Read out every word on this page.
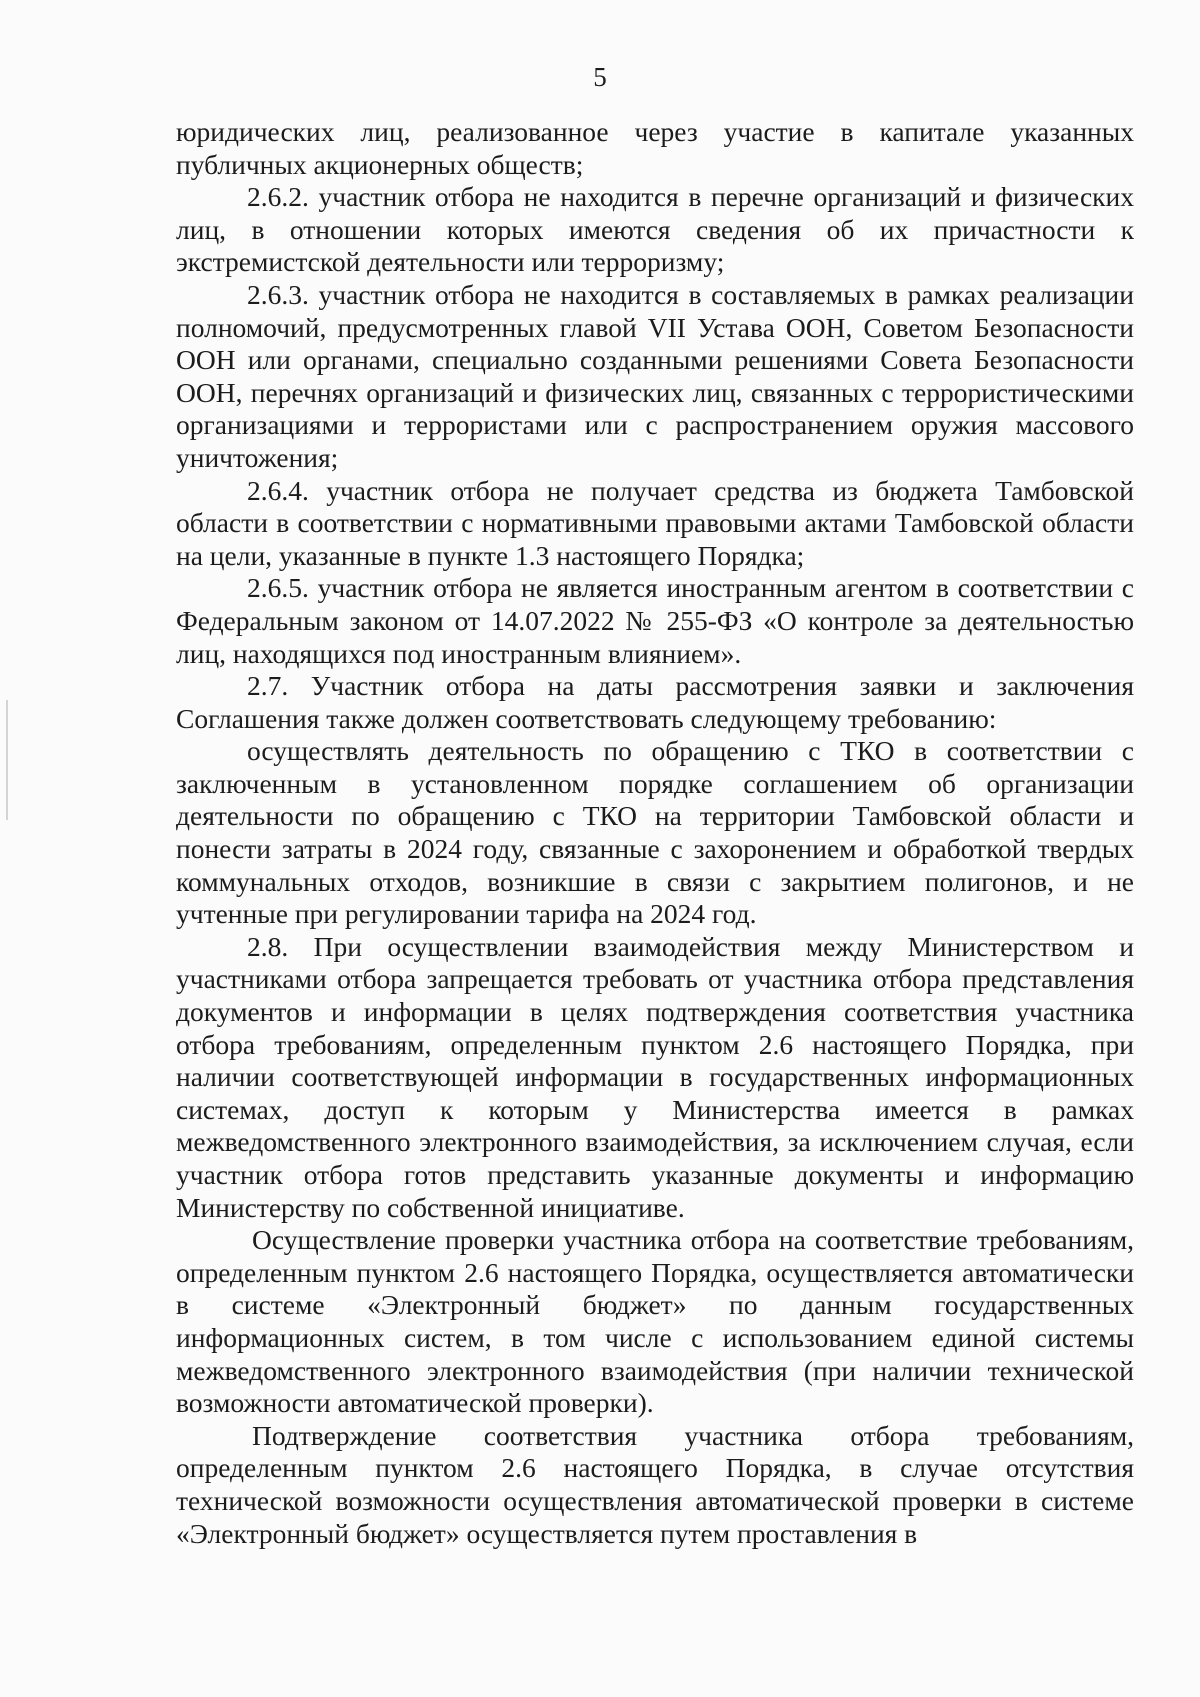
5

юридических лиц, реализованное через участие в капитале указанных публичных акционерных обществ;

2.6.2. участник отбора не находится в перечне организаций и физических лиц, в отношении которых имеются сведения об их причастности к экстремистской деятельности или терроризму;

2.6.3. участник отбора не находится в составляемых в рамках реализации полномочий, предусмотренных главой VII Устава ООН, Советом Безопасности ООН или органами, специально созданными решениями Совета Безопасности ООН, перечнях организаций и физических лиц, связанных с террористическими организациями и террористами или с распространением оружия массового уничтожения;

2.6.4. участник отбора не получает средства из бюджета Тамбовской области в соответствии с нормативными правовыми актами Тамбовской области на цели, указанные в пункте 1.3 настоящего Порядка;

2.6.5. участник отбора не является иностранным агентом в соответствии с Федеральным законом от 14.07.2022 № 255-ФЗ «О контроле за деятельностью лиц, находящихся под иностранным влиянием».

2.7. Участник отбора на даты рассмотрения заявки и заключения Соглашения также должен соответствовать следующему требованию:

осуществлять деятельность по обращению с ТКО в соответствии с заключенным в установленном порядке соглашением об организации деятельности по обращению с ТКО на территории Тамбовской области и понести затраты в 2024 году, связанные с захоронением и обработкой твердых коммунальных отходов, возникшие в связи с закрытием полигонов, и не учтенные при регулировании тарифа на 2024 год.

2.8. При осуществлении взаимодействия между Министерством и участниками отбора запрещается требовать от участника отбора представления документов и информации в целях подтверждения соответствия участника отбора требованиям, определенным пунктом 2.6 настоящего Порядка, при наличии соответствующей информации в государственных информационных системах, доступ к которым у Министерства имеется в рамках межведомственного электронного взаимодействия, за исключением случая, если участник отбора готов представить указанные документы и информацию Министерству по собственной инициативе.

Осуществление проверки участника отбора на соответствие требованиям, определенным пунктом 2.6 настоящего Порядка, осуществляется автоматически в системе «Электронный бюджет» по данным государственных информационных систем, в том числе с использованием единой системы межведомственного электронного взаимодействия (при наличии технической возможности автоматической проверки).

Подтверждение соответствия участника отбора требованиям, определенным пунктом 2.6 настоящего Порядка, в случае отсутствия технической возможности осуществления автоматической проверки в системе «Электронный бюджет» осуществляется путем проставления в
